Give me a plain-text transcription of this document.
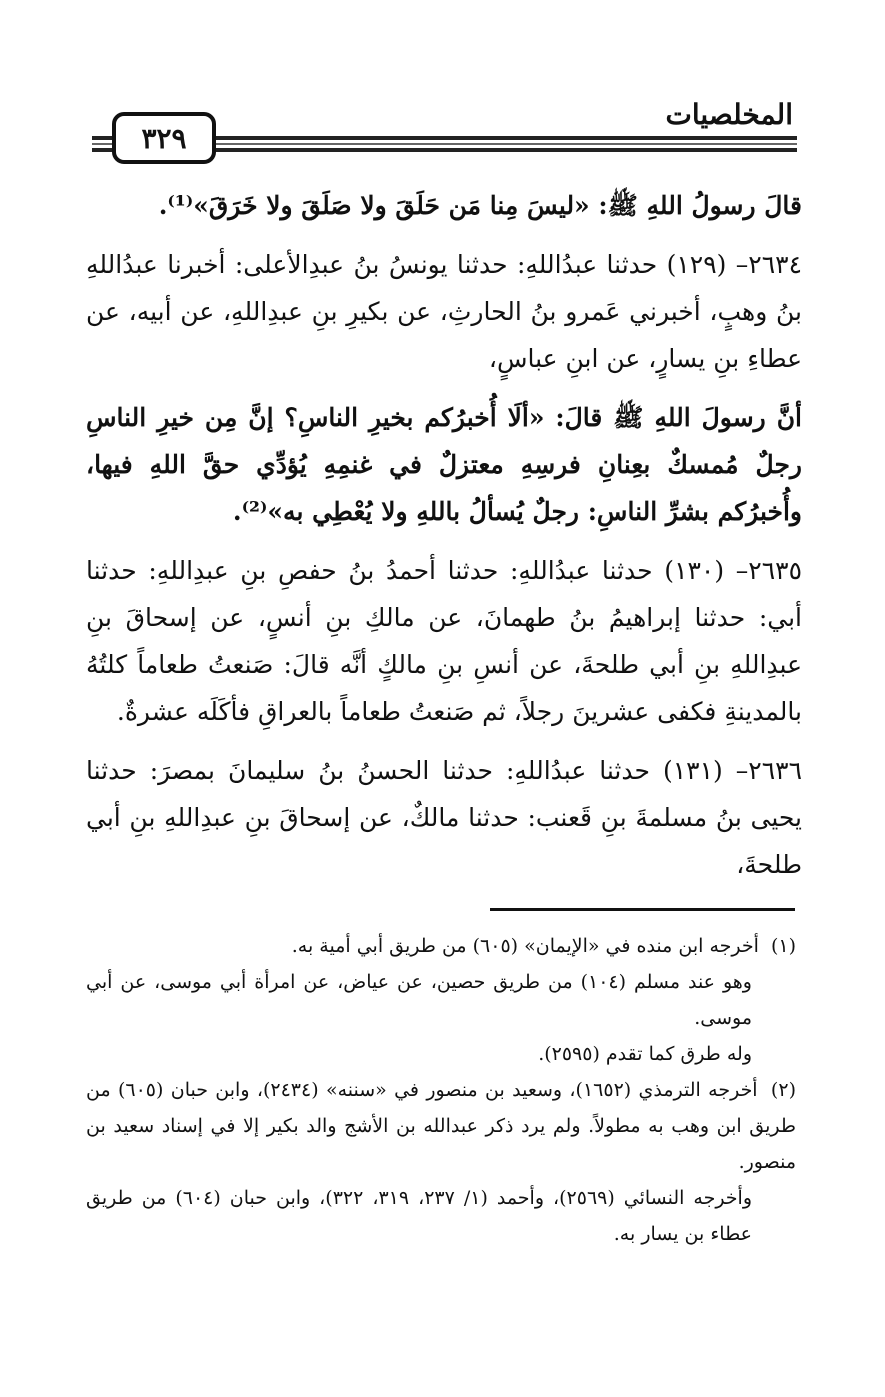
المخلصيات
٣٢٩

قالَ رسولُ اللهِ ﷺ: «ليسَ مِنا مَن حَلَقَ ولا صَلَقَ ولا خَرَقَ»⁽¹⁾.

٢٦٣٤– (١٢٩) حدثنا عبدُاللهِ: حدثنا يونسُ بنُ عبدِالأعلى: أخبرنا عبدُاللهِ بنُ وهبٍ، أخبرني عَمرو بنُ الحارثِ، عن بكيرِ بنِ عبدِاللهِ، عن أبيه، عن عطاءِ بنِ يسارٍ، عن ابنِ عباسٍ،

أنَّ رسولَ اللهِ ﷺ قالَ: «ألَا أُخبرُكم بخيرِ الناسِ؟ إنَّ مِن خيرِ الناسِ رجلٌ مُمسكٌ بعِنانِ فرسِهِ معتزلٌ في غنمِهِ يُؤدِّي حقَّ اللهِ فيها، وأُخبرُكم بشرِّ الناسِ: رجلٌ يُسألُ باللهِ ولا يُعْطِي به»⁽²⁾.

٢٦٣٥– (١٣٠) حدثنا عبدُاللهِ: حدثنا أحمدُ بنُ حفصِ بنِ عبدِاللهِ: حدثنا أبي: حدثنا إبراهيمُ بنُ طهمانَ، عن مالكِ بنِ أنسٍ، عن إسحاقَ بنِ عبدِاللهِ بنِ أبي طلحةَ، عن أنسِ بنِ مالكٍ أنَّه قالَ: صَنعتُ طعاماً كلتُهُ بالمدينةِ فكفى عشرينَ رجلاً، ثم صَنعتُ طعاماً بالعراقِ فأكَلَه عشرةٌ.

٢٦٣٦– (١٣١) حدثنا عبدُاللهِ: حدثنا الحسنُ بنُ سليمانَ بمصرَ: حدثنا يحيى بنُ مسلمةَ بنِ قَعنب: حدثنا مالكٌ، عن إسحاقَ بنِ عبدِاللهِ بنِ أبي طلحةَ،

(١) أخرجه ابن منده في «الإيمان» (٦٠٥) من طريق أبي أمية به.

وهو عند مسلم (١٠٤) من طريق حصين، عن عياض، عن امرأة أبي موسى، عن أبي موسى.

وله طرق كما تقدم (٢٥٩٥).

(٢) أخرجه الترمذي (١٦٥٢)، وسعيد بن منصور في «سننه» (٢٤٣٤)، وابن حبان (٦٠٥) من طريق ابن وهب به مطولاً. ولم يرد ذكر عبدالله بن الأشج والد بكير إلا في إسناد سعيد بن منصور.

وأخرجه النسائي (٢٥٦٩)، وأحمد (١/ ٢٣٧، ٣١٩، ٣٢٢)، وابن حبان (٦٠٤) من طريق عطاء بن يسار به.
